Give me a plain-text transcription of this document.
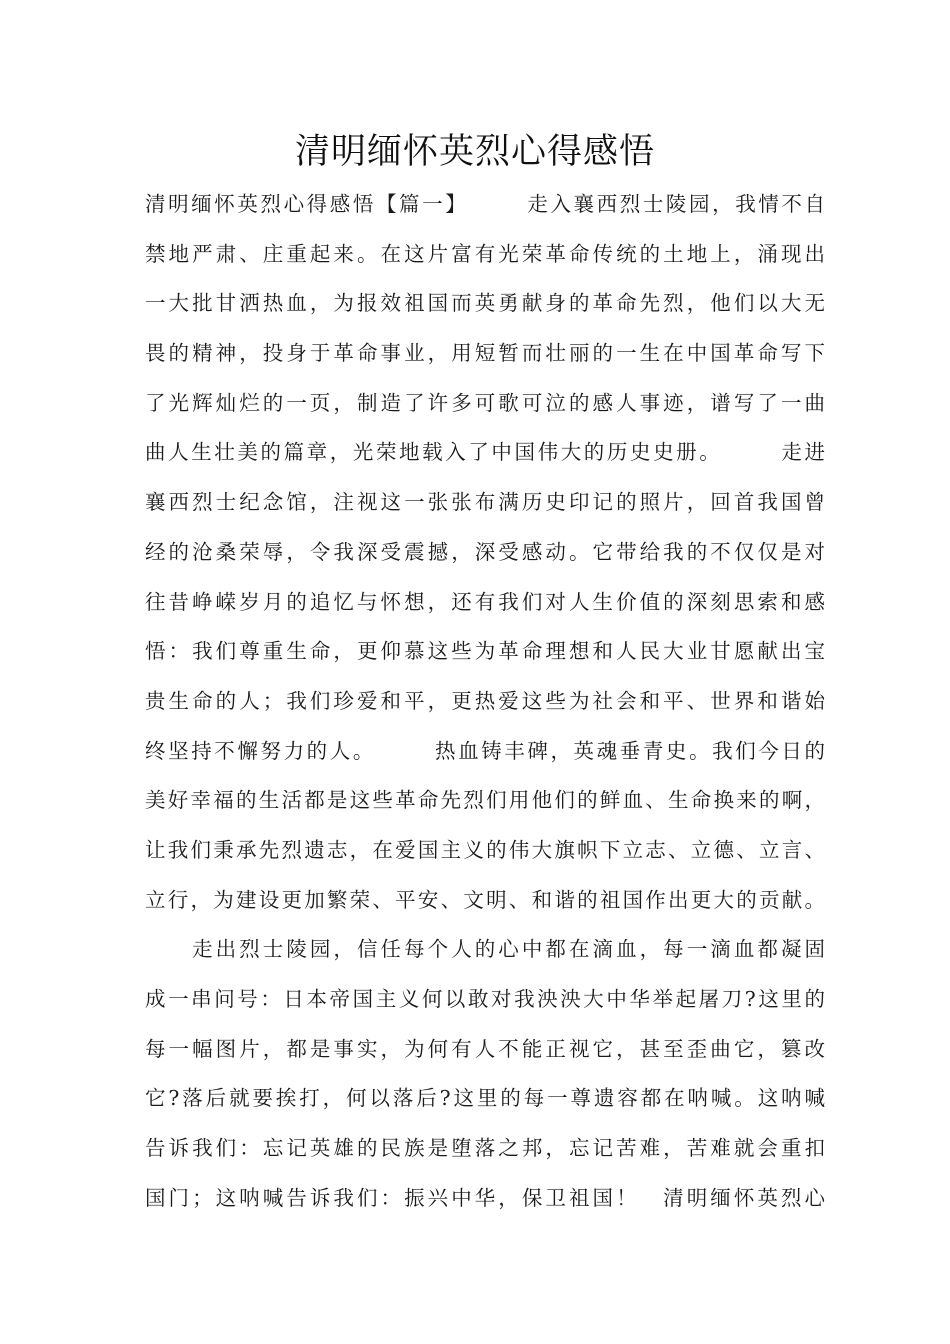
清明缅怀英烈心得感悟
清明缅怀英烈心得感悟【篇一】　　　走入襄西烈士陵园，我情不自
禁地严肃、庄重起来。在这片富有光荣革命传统的土地上，涌现出
一大批甘洒热血，为报效祖国而英勇献身的革命先烈，他们以大无
畏的精神，投身于革命事业，用短暂而壮丽的一生在中国革命写下
了光辉灿烂的一页，制造了许多可歌可泣的感人事迹，谱写了一曲
曲人生壮美的篇章，光荣地载入了中国伟大的历史史册。　　　走进
襄西烈士纪念馆，注视这一张张布满历史印记的照片，回首我国曾
经的沧桑荣辱，令我深受震撼，深受感动。它带给我的不仅仅是对
往昔峥嵘岁月的追忆与怀想，还有我们对人生价值的深刻思索和感
悟：我们尊重生命，更仰慕这些为革命理想和人民大业甘愿献出宝
贵生命的人；我们珍爱和平，更热爱这些为社会和平、世界和谐始
终坚持不懈努力的人。　　　热血铸丰碑，英魂垂青史。我们今日的
美好幸福的生活都是这些革命先烈们用他们的鲜血、生命换来的啊，
让我们秉承先烈遗志，在爱国主义的伟大旗帜下立志、立德、立言、
立行，为建设更加繁荣、平安、文明、和谐的祖国作出更大的贡献。
　　走出烈士陵园，信任每个人的心中都在滴血，每一滴血都凝固
成一串问号：日本帝国主义何以敢对我泱泱大中华举起屠刀?这里的
每一幅图片，都是事实，为何有人不能正视它，甚至歪曲它，篡改
它?落后就要挨打，何以落后?这里的每一尊遗容都在呐喊。这呐喊
告诉我们：忘记英雄的民族是堕落之邦，忘记苦难，苦难就会重扣
国门；这呐喊告诉我们：振兴中华，保卫祖国！　清明缅怀英烈心
